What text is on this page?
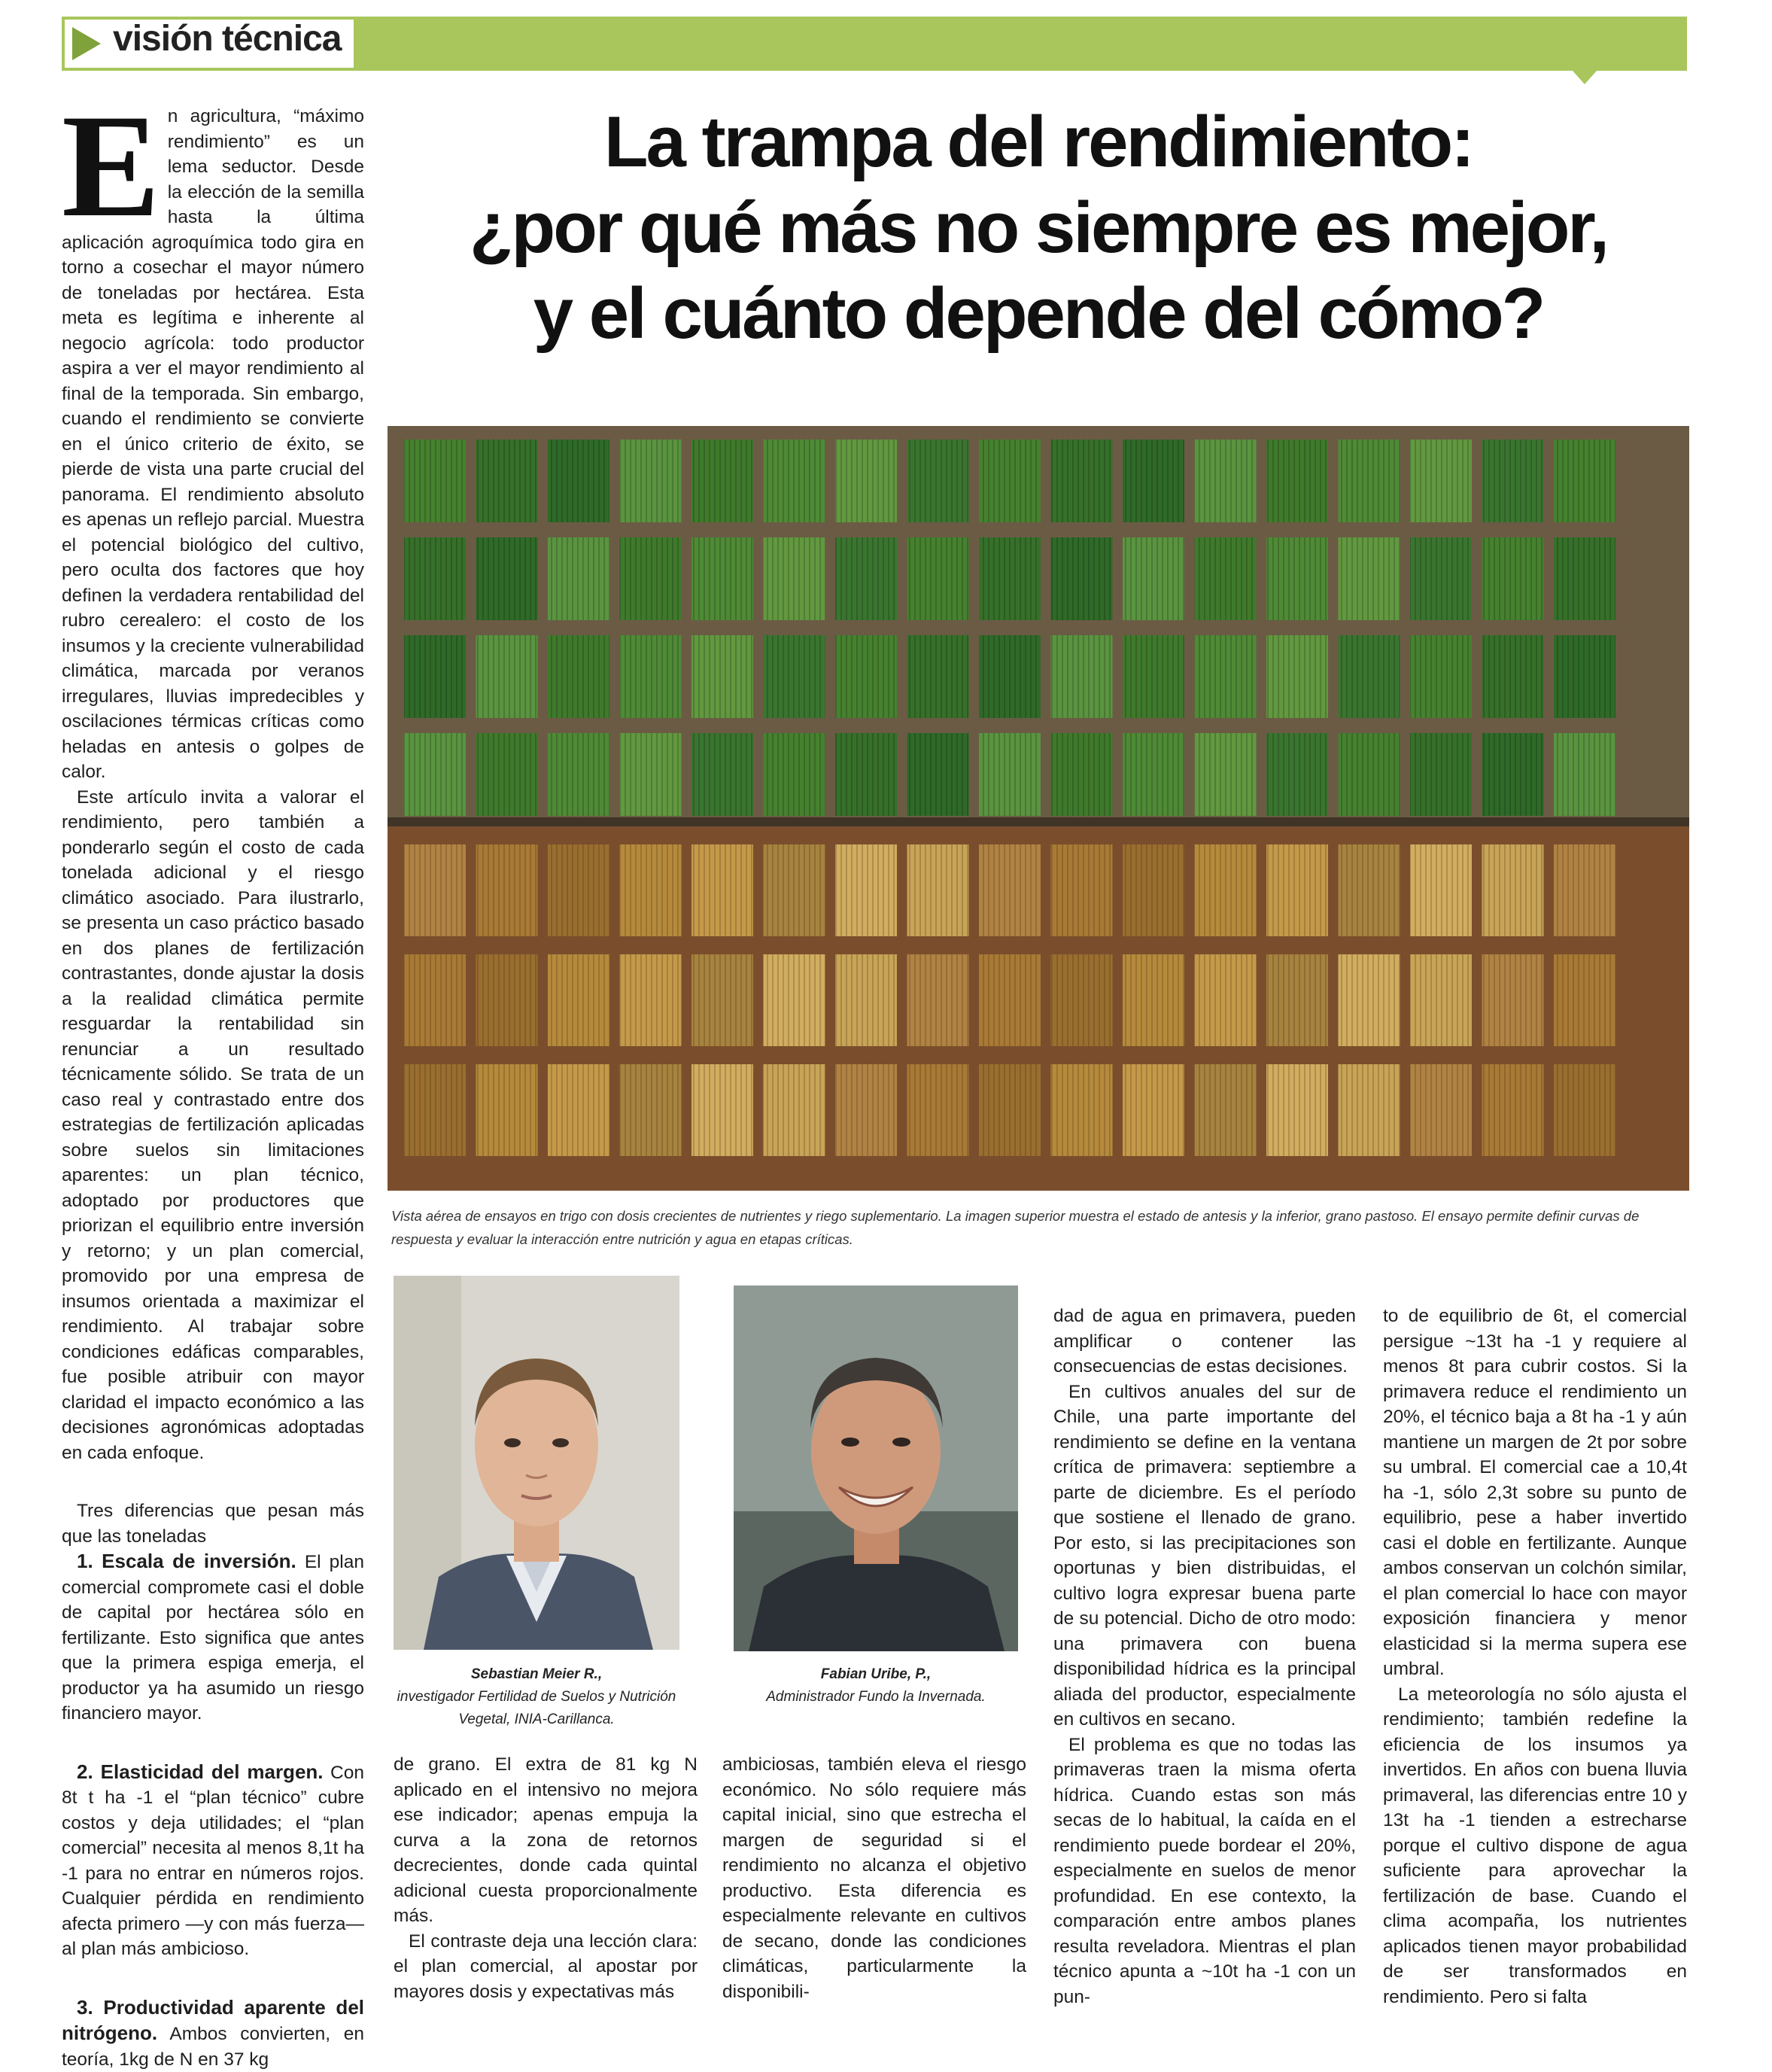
visión técnica
La trampa del rendimiento:
¿por qué más no siempre es mejor,
y el cuánto depende del cómo?

En agricultura, “máximo rendimiento” es un lema seductor. Desde la elección de la semilla hasta la última aplicación agroquímica todo gira en torno a cosechar el mayor número de toneladas por hectárea. Esta meta es legítima e inherente al negocio agrícola: todo productor aspira a ver el mayor rendimiento al final de la temporada. Sin embargo, cuando el rendimiento se convierte en el único criterio de éxito, se pierde de vista una parte crucial del panorama. El rendimiento absoluto es apenas un reflejo parcial. Muestra el potencial biológico del cultivo, pero oculta dos factores que hoy definen la verdadera rentabilidad del rubro cerealero: el costo de los insumos y la creciente vulnerabilidad climática, marcada por veranos irregulares, lluvias impredecibles y oscilaciones térmicas críticas como heladas en antesis o golpes de calor.

Este artículo invita a valorar el rendimiento, pero también a ponderarlo según el costo de cada tonelada adicional y el riesgo climático asociado. Para ilustrarlo, se presenta un caso práctico basado en dos planes de fertilización contrastantes, donde ajustar la dosis a la realidad climática permite resguardar la rentabilidad sin renunciar a un resultado técnicamente sólido. Se trata de un caso real y contrastado entre dos estrategias de fertilización aplicadas sobre suelos sin limitaciones aparentes: un plan técnico, adoptado por productores que priorizan el equilibrio entre inversión y retorno; y un plan comercial, promovido por una empresa de insumos orientada a maximizar el rendimiento. Al trabajar sobre condiciones edáficas comparables, fue posible atribuir con mayor claridad el impacto económico a las decisiones agronómicas adoptadas en cada enfoque.

Tres diferencias que pesan más que las toneladas

1. Escala de inversión. El plan comercial compromete casi el doble de capital por hectárea sólo en fertilizante. Esto significa que antes que la primera espiga emerja, el productor ya ha asumido un riesgo financiero mayor.

2. Elasticidad del margen. Con 8t t ha -1 el “plan técnico” cubre costos y deja utilidades; el “plan comercial” necesita al menos 8,1t ha -1 para no entrar en números rojos. Cualquier pérdida en rendimiento afecta primero —y con más fuerza— al plan más ambicioso.

3. Productividad aparente del nitrógeno. Ambos convierten, en teoría, 1kg de N en 37 kg

Vista aérea de ensayos en trigo con dosis crecientes de nutrientes y riego suplementario. La imagen superior muestra el estado de antesis y la inferior, grano pastoso. El ensayo permite definir curvas de respuesta y evaluar la interacción entre nutrición y agua en etapas críticas.

Sebastian Meier R.,
investigador Fertilidad de Suelos y Nutrición
Vegetal, INIA-Carillanca.
Fabian Uribe, P.,
Administrador Fundo la Invernada.

de grano. El extra de 81 kg N aplicado en el intensivo no mejora ese indicador; apenas empuja la curva a la zona de retornos decrecientes, donde cada quintal adicional cuesta proporcionalmente más.

El contraste deja una lección clara: el plan comercial, al apostar por mayores dosis y expectativas más

ambiciosas, también eleva el riesgo económico. No sólo requiere más capital inicial, sino que estrecha el margen de seguridad si el rendimiento no alcanza el objetivo productivo. Esta diferencia es especialmente relevante en cultivos de secano, donde las condiciones climáticas, particularmente la disponibili-

dad de agua en primavera, pueden amplificar o contener las consecuencias de estas decisiones.

En cultivos anuales del sur de Chile, una parte importante del rendimiento se define en la ventana crítica de primavera: septiembre a parte de diciembre. Es el período que sostiene el llenado de grano. Por esto, si las precipitaciones son oportunas y bien distribuidas, el cultivo logra expresar buena parte de su potencial. Dicho de otro modo: una primavera con buena disponibilidad hídrica es la principal aliada del productor, especialmente en cultivos en secano.

El problema es que no todas las primaveras traen la misma oferta hídrica. Cuando estas son más secas de lo habitual, la caída en el rendimiento puede bordear el 20%, especialmente en suelos de menor profundidad. En ese contexto, la comparación entre ambos planes resulta reveladora. Mientras el plan técnico apunta a ~10t ha -1 con un pun-

to de equilibrio de 6t, el comercial persigue ~13t ha -1 y requiere al menos 8t para cubrir costos. Si la primavera reduce el rendimiento un 20%, el técnico baja a 8t ha -1 y aún mantiene un margen de 2t por sobre su umbral. El comercial cae a 10,4t ha -1, sólo 2,3t sobre su punto de equilibrio, pese a haber invertido casi el doble en fertilizante. Aunque ambos conservan un colchón similar, el plan comercial lo hace con mayor exposición financiera y menor elasticidad si la merma supera ese umbral.

La meteorología no sólo ajusta el rendimiento; también redefine la eficiencia de los insumos ya invertidos. En años con buena lluvia primaveral, las diferencias entre 10 y 13t ha -1 tienden a estrecharse porque el cultivo dispone de agua suficiente para aprovechar la fertilización de base. Cuando el clima acompaña, los nutrientes aplicados tienen mayor probabilidad de ser transformados en rendimiento. Pero si falta
